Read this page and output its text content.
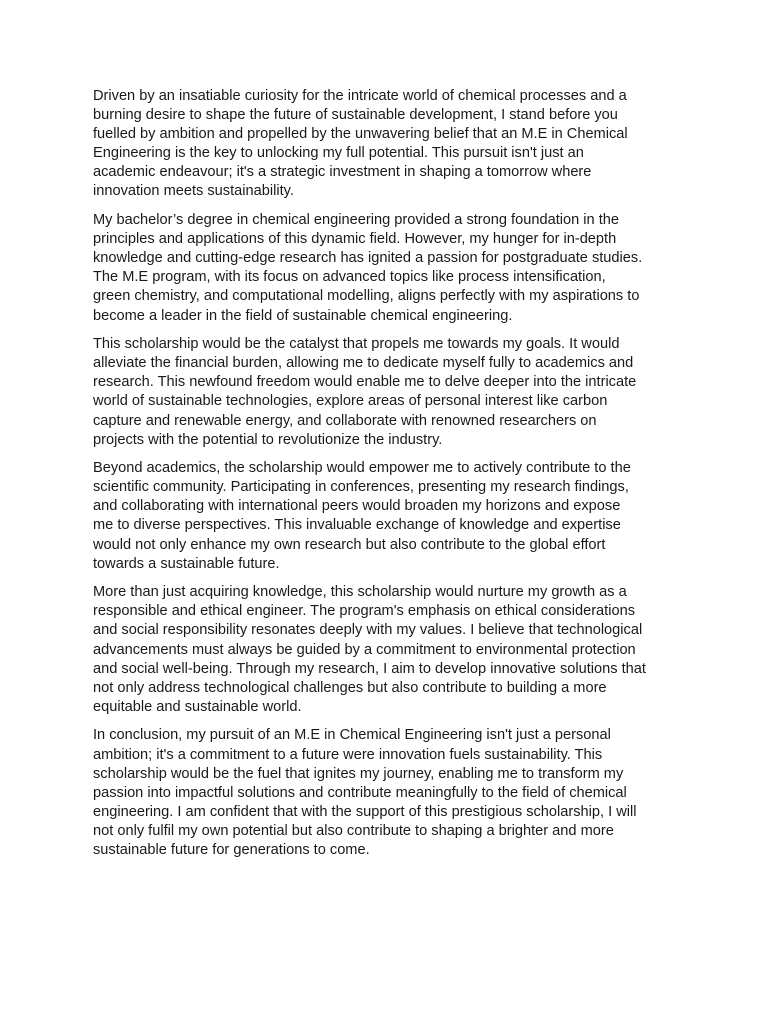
Driven by an insatiable curiosity for the intricate world of chemical processes and a
burning desire to shape the future of sustainable development, I stand before you
fuelled by ambition and propelled by the unwavering belief that an M.E in Chemical
Engineering is the key to unlocking my full potential. This pursuit isn't just an
academic endeavour; it's a strategic investment in shaping a tomorrow where
innovation meets sustainability.

My bachelor’s degree in chemical engineering provided a strong foundation in the
principles and applications of this dynamic field. However, my hunger for in-depth
knowledge and cutting-edge research has ignited a passion for postgraduate studies.
The M.E program, with its focus on advanced topics like process intensification,
green chemistry, and computational modelling, aligns perfectly with my aspirations to
become a leader in the field of sustainable chemical engineering.

This scholarship would be the catalyst that propels me towards my goals. It would
alleviate the financial burden, allowing me to dedicate myself fully to academics and
research. This newfound freedom would enable me to delve deeper into the intricate
world of sustainable technologies, explore areas of personal interest like carbon
capture and renewable energy, and collaborate with renowned researchers on
projects with the potential to revolutionize the industry.

Beyond academics, the scholarship would empower me to actively contribute to the
scientific community. Participating in conferences, presenting my research findings,
and collaborating with international peers would broaden my horizons and expose
me to diverse perspectives. This invaluable exchange of knowledge and expertise
would not only enhance my own research but also contribute to the global effort
towards a sustainable future.

More than just acquiring knowledge, this scholarship would nurture my growth as a
responsible and ethical engineer. The program's emphasis on ethical considerations
and social responsibility resonates deeply with my values. I believe that technological
advancements must always be guided by a commitment to environmental protection
and social well-being. Through my research, I aim to develop innovative solutions that
not only address technological challenges but also contribute to building a more
equitable and sustainable world.

In conclusion, my pursuit of an M.E in Chemical Engineering isn't just a personal
ambition; it's a commitment to a future were innovation fuels sustainability. This
scholarship would be the fuel that ignites my journey, enabling me to transform my
passion into impactful solutions and contribute meaningfully to the field of chemical
engineering. I am confident that with the support of this prestigious scholarship, I will
not only fulfil my own potential but also contribute to shaping a brighter and more
sustainable future for generations to come.
